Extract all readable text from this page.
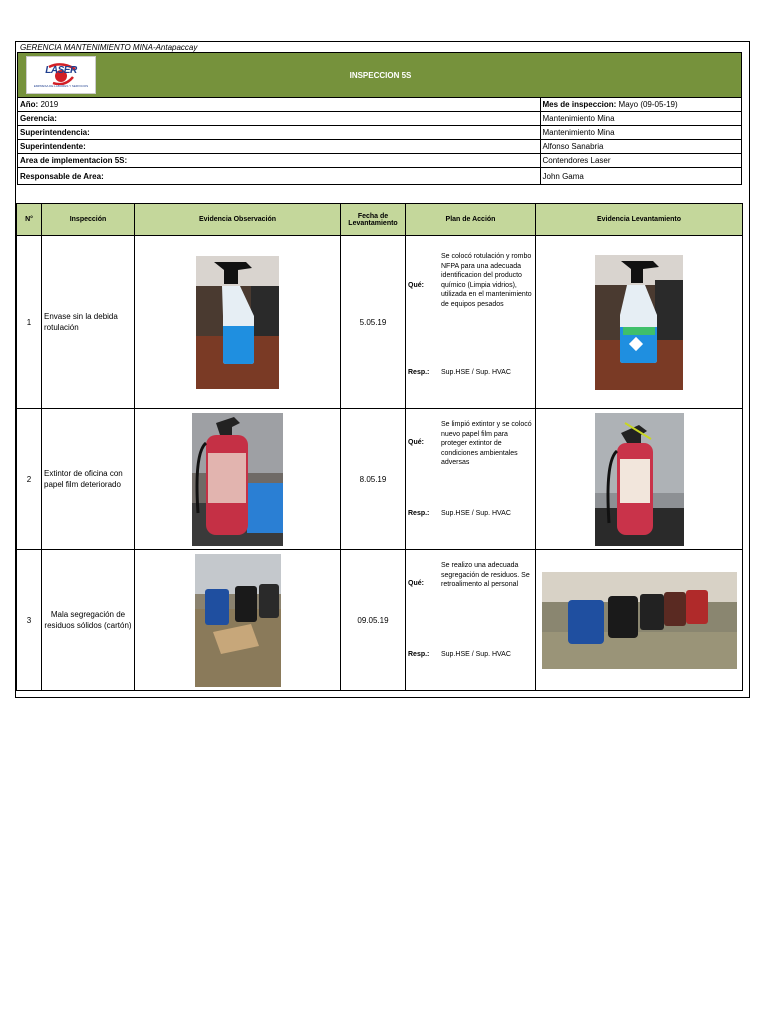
GERENCIA MANTENIMIENTO MINA-Antapaccay
LASER
EMPRESA DE LABORES Y SERVICIOS	INSPECCION 5S	
Año: 2019		Mes de inspeccion: Mayo (09-05-19)
Gerencia:		Mantenimiento Mina
Superintendencia:		Mantenimiento Mina
Superintendente:		Alfonso Sanabria
Area de implementacion 5S:		Contendores Laser
Responsable de Area:		John Gama
N°	Inspección	Evidencia Observación	Fecha de Levantamiento	Plan de Acción	Evidencia Levantamiento
1	Envase sin la debida rotulación		5.05.19	Qué:
Se colocó rotulación y rombo NFPA para una adecuada identificacion del producto químico (Limpia vidrios), utilizada en el mantenimiento de equipos pesados
Resp.: Sup.HSE / Sup. HVAC

2	Extintor de oficina con papel film deteriorado		8.05.19	Qué:
Se limpió extintor y se colocó nuevo papel film para proteger extintor de condiciones ambientales adversas
Resp.: Sup.HSE / Sup. HVAC

3	Mala segregación de residuos sólidos (cartón)		09.05.19	Qué:
Se realizo una adecuada segregación de residuos. Se retroalimento al personal
Resp.: Sup.HSE / Sup. HVAC
